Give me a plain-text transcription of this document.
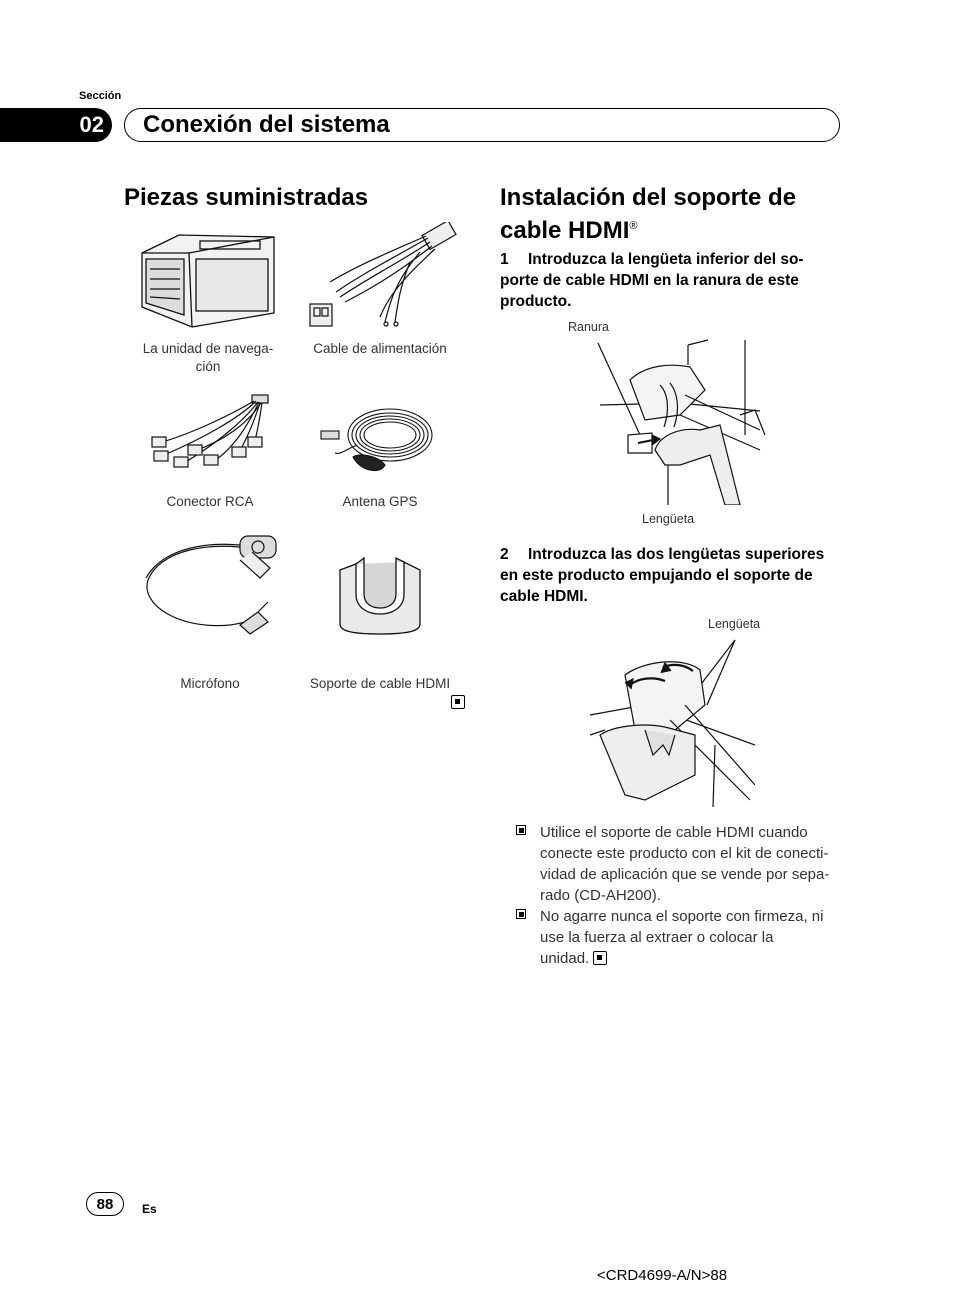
Sección
02	Conexión del sistema
Piezas suministradas
La unidad de navega-
ción
Cable de alimentación
Conector RCA	Antena GPS
Micrófono	Soporte de cable HDMI
Instalación del soporte de
cable HDMI®
1 Introduzca la lengüeta inferior del so-
porte de cable HDMI en la ranura de este
producto.
Ranura
Lengüeta
2 Introduzca las dos lengüetas superiores
en este producto empujando el soporte de
cable HDMI.
Lengüeta
Utilice el soporte de cable HDMI cuando
conecte este producto con el kit de conecti-
vidad de aplicación que se vende por sepa-
rado (CD-AH200).
No agarre nunca el soporte con firmeza, ni
use la fuerza al extraer o colocar la
unidad.
88	Es
<CRD4699-A/N>88
